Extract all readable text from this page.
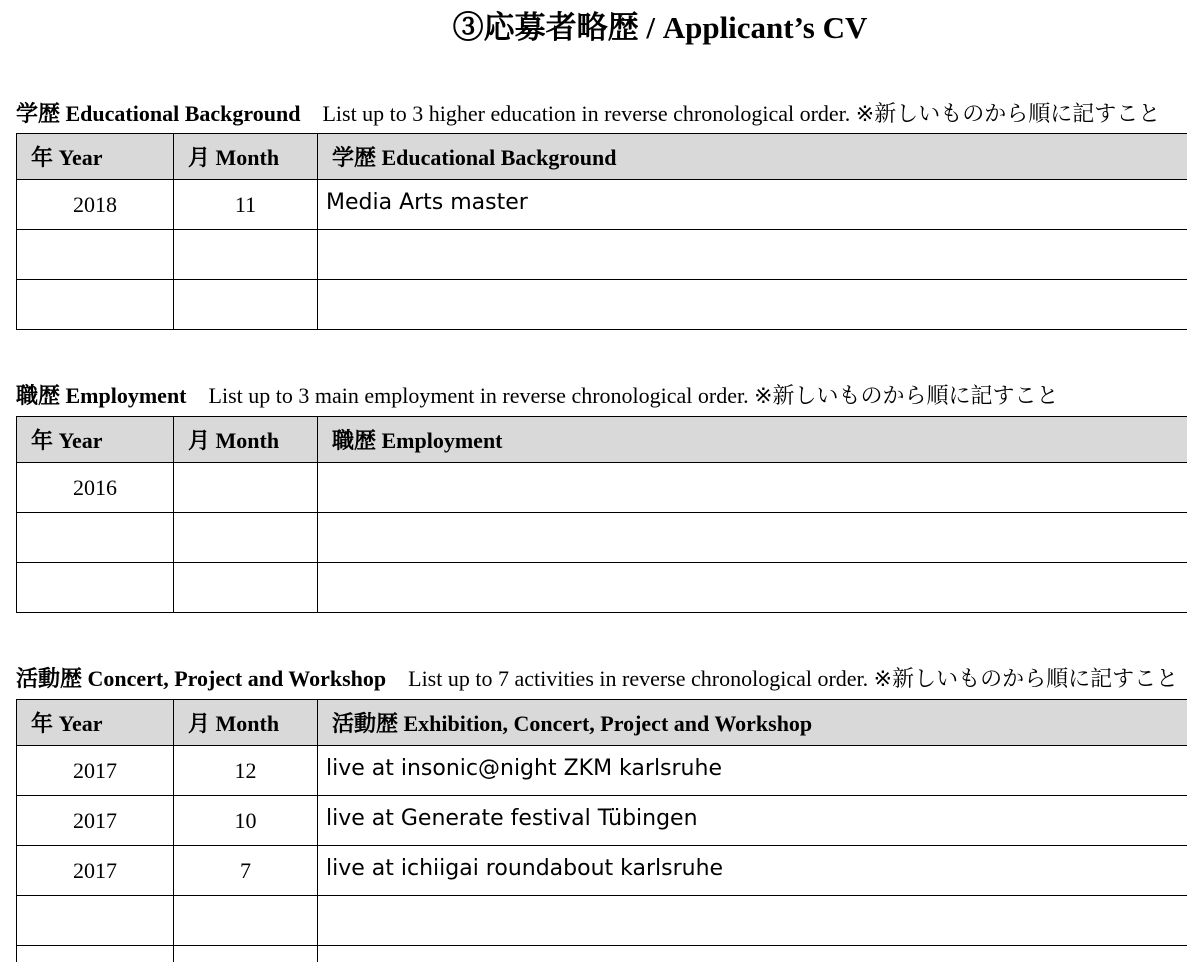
③応募者略歴 / Applicant’s CV
学歴 Educational Background List up to 3 higher education in reverse chronological order. ※新しいものから順に記すこと
年 Year	月 Month	学歴 Educational Background
2018	11	Media Arts master

職歴 Employment List up to 3 main employment in reverse chronological order. ※新しいものから順に記すこと
年 Year	月 Month	職歴 Employment
2016		

活動歴 Concert, Project and Workshop List up to 7 activities in reverse chronological order. ※新しいものから順に記すこと
年 Year	月 Month	活動歴 Exhibition, Concert, Project and Workshop
2017	12	live at insonic@night ZKM karlsruhe
2017	10	live at Generate festival Tübingen
2017	7	live at ichiigai roundabout karlsruhe
